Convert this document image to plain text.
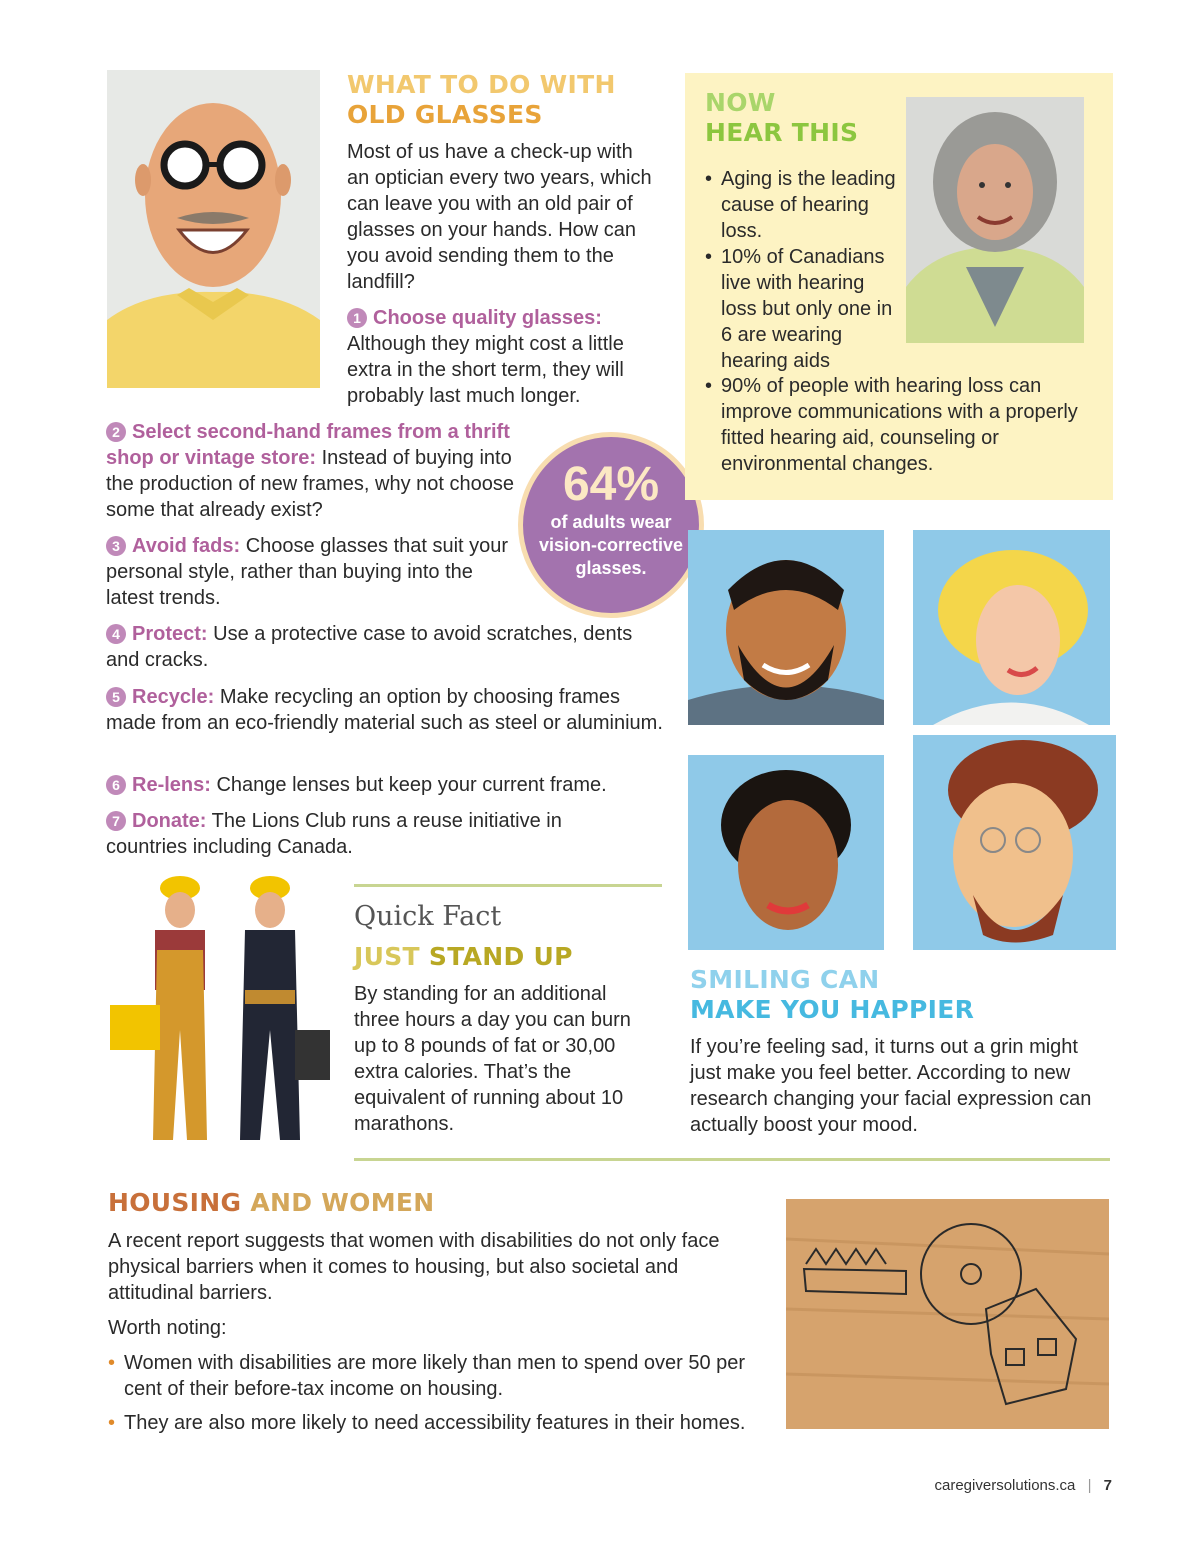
WHAT TO DO WITH
OLD GLASSES

Most of us have a check-up with an optician every two years, which can leave you with an old pair of glasses on your hands. How can you avoid sending them to the landfill?

1 Choose quality glasses: Although they might cost a little extra in the short term, they will probably last much longer.

2 Select second-hand frames from a thrift shop or vintage store: Instead of buying into the production of new frames, why not choose some that already exist?

3 Avoid fads: Choose glasses that suit your personal style, rather than buying into the latest trends.

4 Protect: Use a protective case to avoid scratches, dents and cracks.

5 Recycle: Make recycling an option by choosing frames made from an eco-friendly material such as steel or aluminium.

6 Re-lens: Change lenses but keep your current frame.

7 Donate: The Lions Club runs a reuse initiative in countries including Canada.

64%
of adults wear vision-corrective glasses.
NOW
HEAR THIS
• Aging is the leading cause of hearing loss.
• 10% of Canadians live with hearing loss but only one in 6 are wearing hearing aids
• 90% of people with hearing loss can improve communications with a properly fitted hearing aid, counseling or environmental changes.
Quick Fact
JUST STAND UP

By standing for an additional three hours a day you can burn up to 8 pounds of fat or 30,00 extra calories. That’s the equivalent of running about 10 marathons.

SMILING CAN
MAKE YOU HAPPIER

If you’re feeling sad, it turns out a grin might just make you feel better. According to new research changing your facial expression can actually boost your mood.

HOUSING AND WOMEN

A recent report suggests that women with disabilities do not only face physical barriers when it comes to housing, but also societal and attitudinal barriers.

Worth noting:

• Women with disabilities are more likely than men to spend over 50 per cent of their before-tax income on housing.
• They are also more likely to need accessibility features in their homes.
caregiversolutions.ca | 7
